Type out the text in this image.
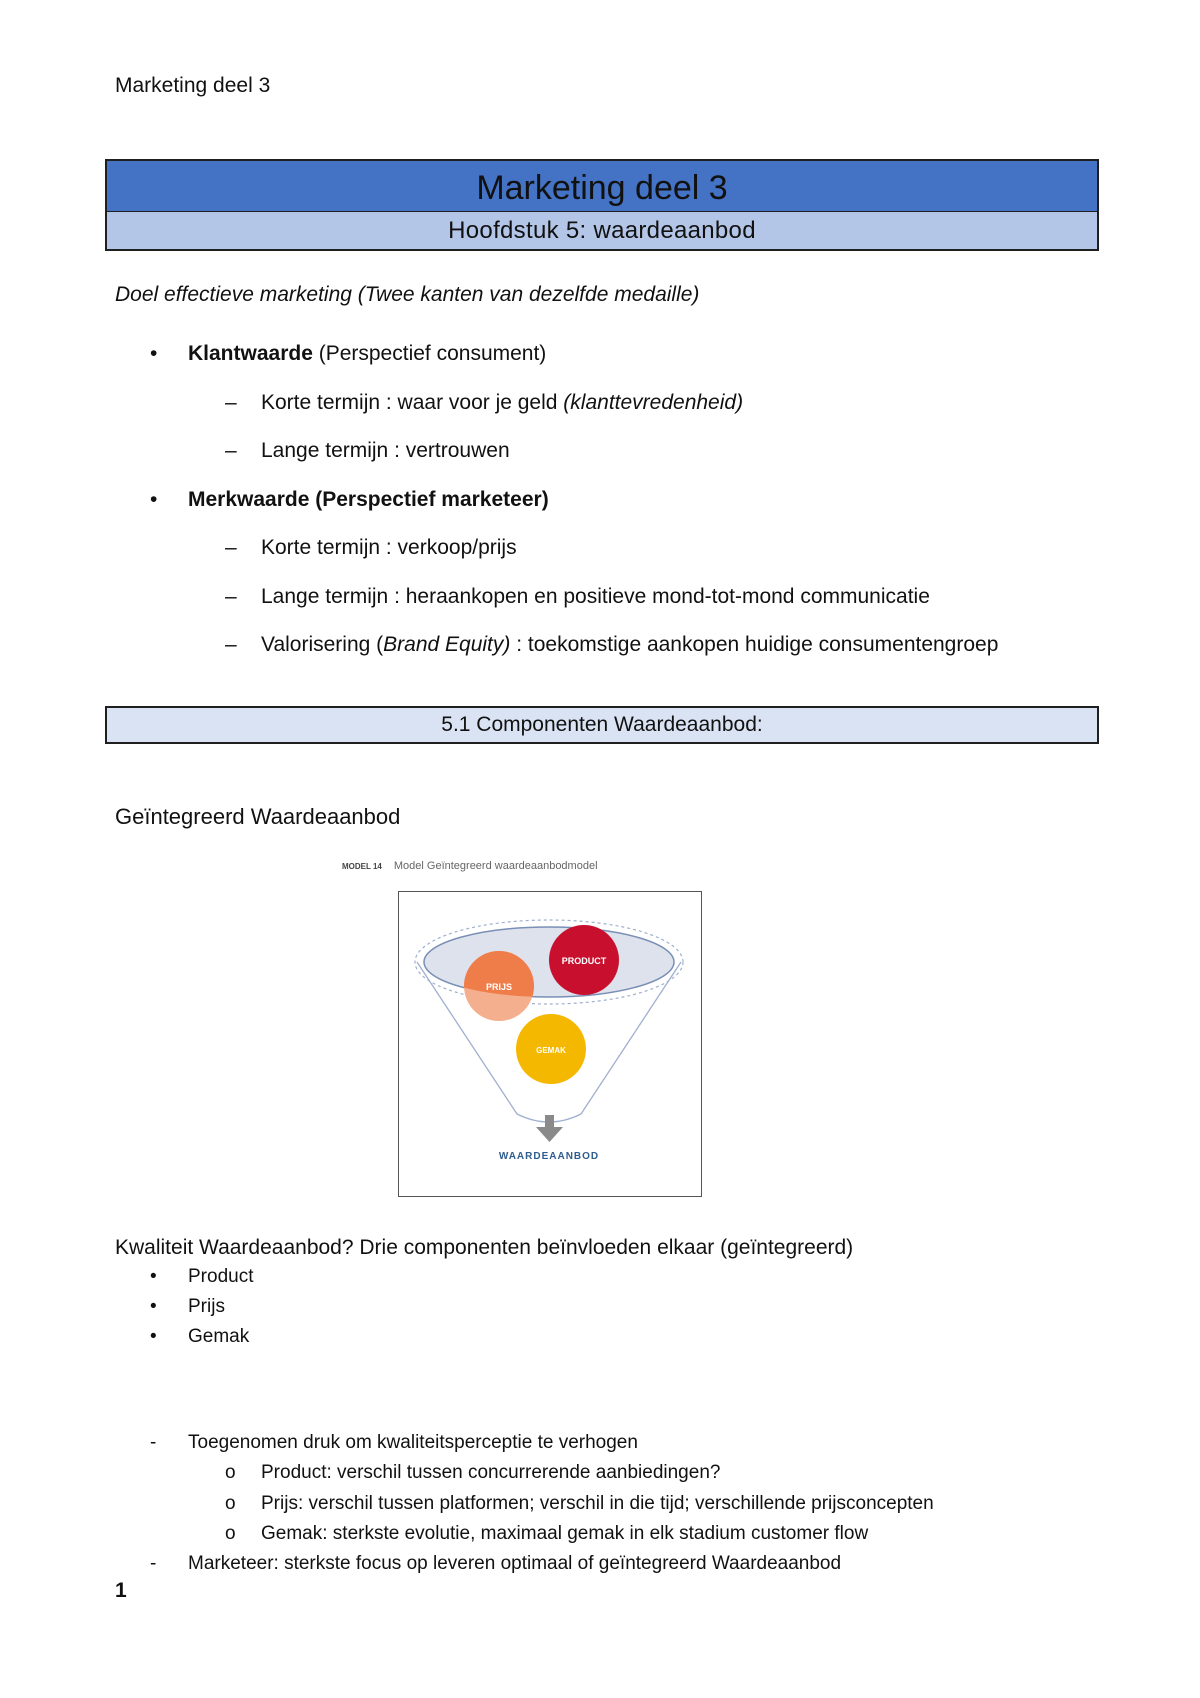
Marketing deel 3
Marketing deel 3
Hoofdstuk 5: waardeaanbod
Doel effectieve marketing (Twee kanten van dezelfde medaille)
• Klantwaarde (Perspectief consument)
– Korte termijn : waar voor je geld (klanttevredenheid)
– Lange termijn : vertrouwen
• Merkwaarde (Perspectief marketeer)
– Korte termijn : verkoop/prijs
– Lange termijn : heraankopen en positieve mond-tot-mond communicatie
– Valorisering (Brand Equity) : toekomstige aankopen huidige consumentengroep
5.1 Componenten Waardeaanbod:
Geïntegreerd Waardeaanbod
MODEL 14 Model Geïntegreerd waardeaanbodmodel
PRODUCT
PRIJS
GEMAK
WAARDEAANBOD
Kwaliteit Waardeaanbod? Drie componenten beïnvloeden elkaar (geïntegreerd)
• Product
• Prijs
• Gemak
- Toegenomen druk om kwaliteitsperceptie te verhogen
o Product: verschil tussen concurrerende aanbiedingen?
o Prijs: verschil tussen platformen; verschil in die tijd; verschillende prijsconcepten
o Gemak: sterkste evolutie, maximaal gemak in elk stadium customer flow
- Marketeer: sterkste focus op leveren optimaal of geïntegreerd Waardeaanbod
1
